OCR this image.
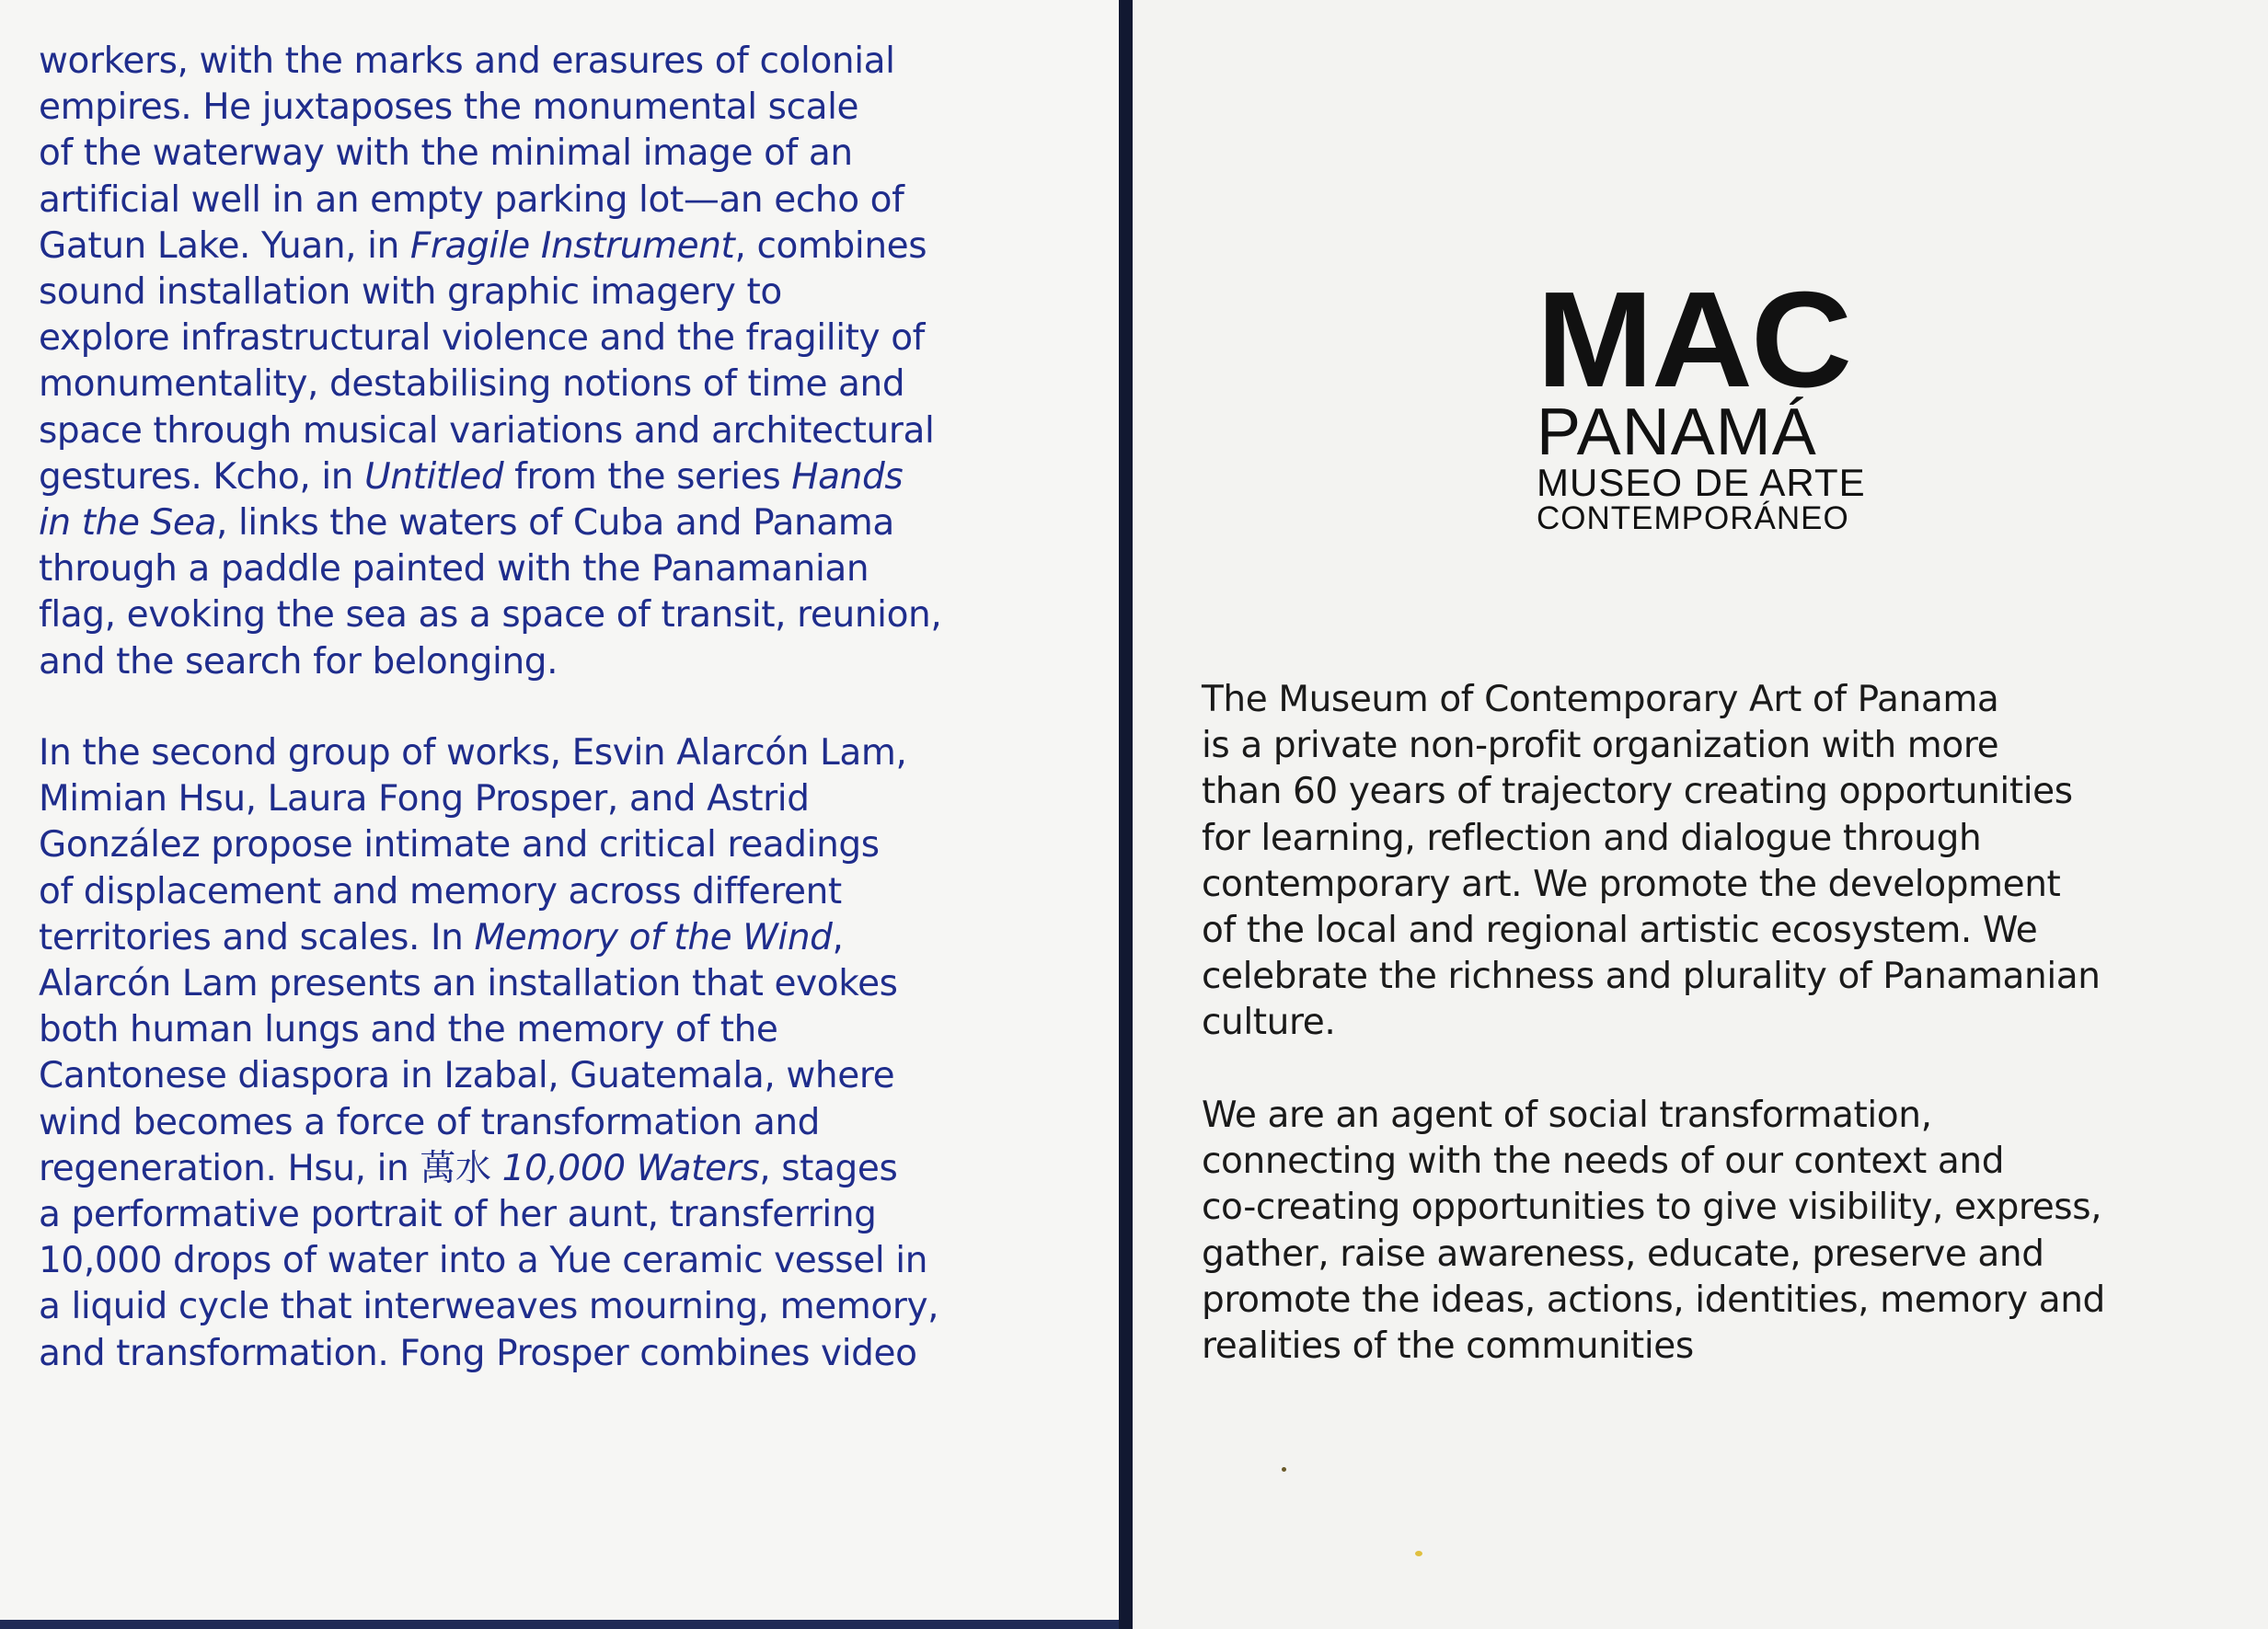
workers, with the marks and erasures of colonial
empires. He juxtaposes the monumental scale
of the waterway with the minimal image of an
artificial well in an empty parking lot—an echo of
Gatun Lake. Yuan, in Fragile Instrument, combines
sound installation with graphic imagery to
explore infrastructural violence and the fragility of
monumentality, destabilising notions of time and
space through musical variations and architectural
gestures. Kcho, in Untitled from the series Hands
in the Sea, links the waters of Cuba and Panama
through a paddle painted with the Panamanian
flag, evoking the sea as a space of transit, reunion,
and the search for belonging.
In the second group of works, Esvin Alarcón Lam,
Mimian Hsu, Laura Fong Prosper, and Astrid
González propose intimate and critical readings
of displacement and memory across different
territories and scales. In Memory of the Wind,
Alarcón Lam presents an installation that evokes
both human lungs and the memory of the
Cantonese diaspora in Izabal, Guatemala, where
wind becomes a force of transformation and
regeneration. Hsu, in 萬水 10,000 Waters, stages
a performative portrait of her aunt, transferring
10,000 drops of water into a Yue ceramic vessel in
a liquid cycle that interweaves mourning, memory,
and transformation. Fong Prosper combines video
MAC
PANAMÁ
MUSEO DE ARTE
CONTEMPORÁNEO
The Museum of Contemporary Art of Panama
is a private non-profit organization with more
than 60 years of trajectory creating opportunities
for learning, reflection and dialogue through
contemporary art. We promote the development
of the local and regional artistic ecosystem. We
celebrate the richness and plurality of Panamanian
culture.
We are an agent of social transformation,
connecting with the needs of our context and
co-creating opportunities to give visibility, express,
gather, raise awareness, educate, preserve and
promote the ideas, actions, identities, memory and
realities of the communities
